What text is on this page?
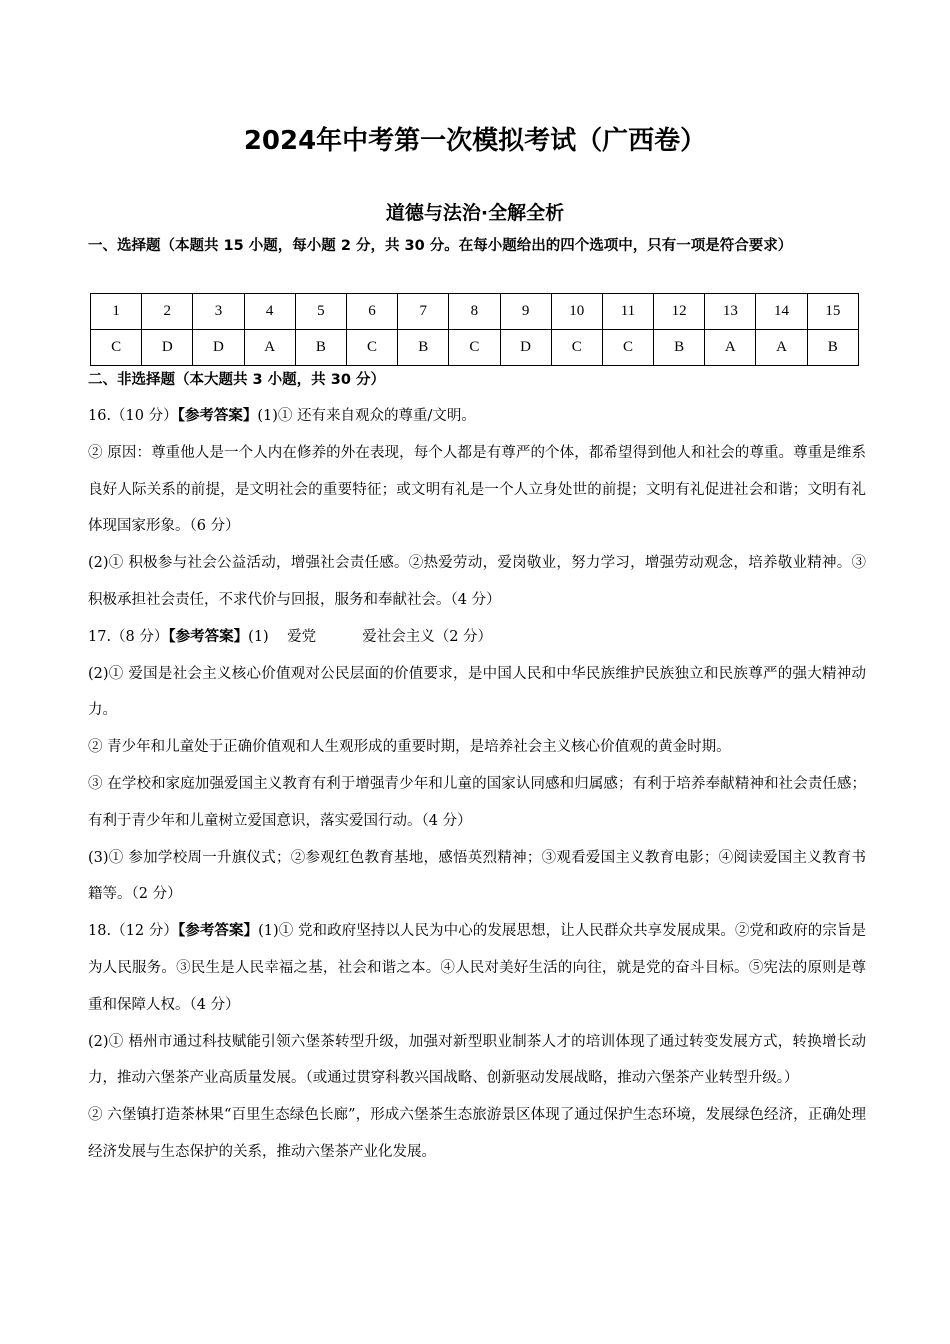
2024年中考第一次模拟考试（广西卷）
道德与法治·全解全析
一、选择题（本题共 15 小题，每小题 2 分，共 30 分。在每小题给出的四个选项中，只有一项是符合要求）
1	2	3	4	5	6	7	8	9	10	11	12	13	14	15
C	D	D	A	B	C	B	C	D	C	C	B	A	A	B
二、非选择题（本大题共 3 小题，共 30 分）

16.（10 分）【参考答案】(1)① 还有来自观众的尊重/文明。

② 原因：尊重他人是一个人内在修养的外在表现，每个人都是有尊严的个体，都希望得到他人和社会的尊重。尊重是维系良好人际关系的前提，是文明社会的重要特征；或文明有礼是一个人立身处世的前提；文明有礼促进社会和谐；文明有礼体现国家形象。（6 分）

(2)① 积极参与社会公益活动，增强社会责任感。②热爱劳动，爱岗敬业，努力学习，增强劳动观念，培养敬业精神。③积极承担社会责任，不求代价与回报，服务和奉献社会。（4 分）

17.（8 分）【参考答案】(1)    爱党          爱社会主义（2 分）

(2)① 爱国是社会主义核心价值观对公民层面的价值要求，是中国人民和中华民族维护民族独立和民族尊严的强大精神动力。

② 青少年和儿童处于正确价值观和人生观形成的重要时期，是培养社会主义核心价值观的黄金时期。

③ 在学校和家庭加强爱国主义教育有利于增强青少年和儿童的国家认同感和归属感；有利于培养奉献精神和社会责任感；有利于青少年和儿童树立爱国意识，落实爱国行动。（4 分）

(3)① 参加学校周一升旗仪式；②参观红色教育基地，感悟英烈精神；③观看爱国主义教育电影；④阅读爱国主义教育书籍等。（2 分）

18.（12 分）【参考答案】(1)① 党和政府坚持以人民为中心的发展思想，让人民群众共享发展成果。②党和政府的宗旨是为人民服务。③民生是人民幸福之基，社会和谐之本。④人民对美好生活的向往，就是党的奋斗目标。⑤宪法的原则是尊重和保障人权。（4 分）

(2)① 梧州市通过科技赋能引领六堡茶转型升级，加强对新型职业制茶人才的培训体现了通过转变发展方式，转换增长动力，推动六堡茶产业高质量发展。（或通过贯穿科教兴国战略、创新驱动发展战略，推动六堡茶产业转型升级。）

② 六堡镇打造茶林果“百里生态绿色长廊”，形成六堡茶生态旅游景区体现了通过保护生态环境，发展绿色经济，正确处理经济发展与生态保护的关系，推动六堡茶产业化发展。
